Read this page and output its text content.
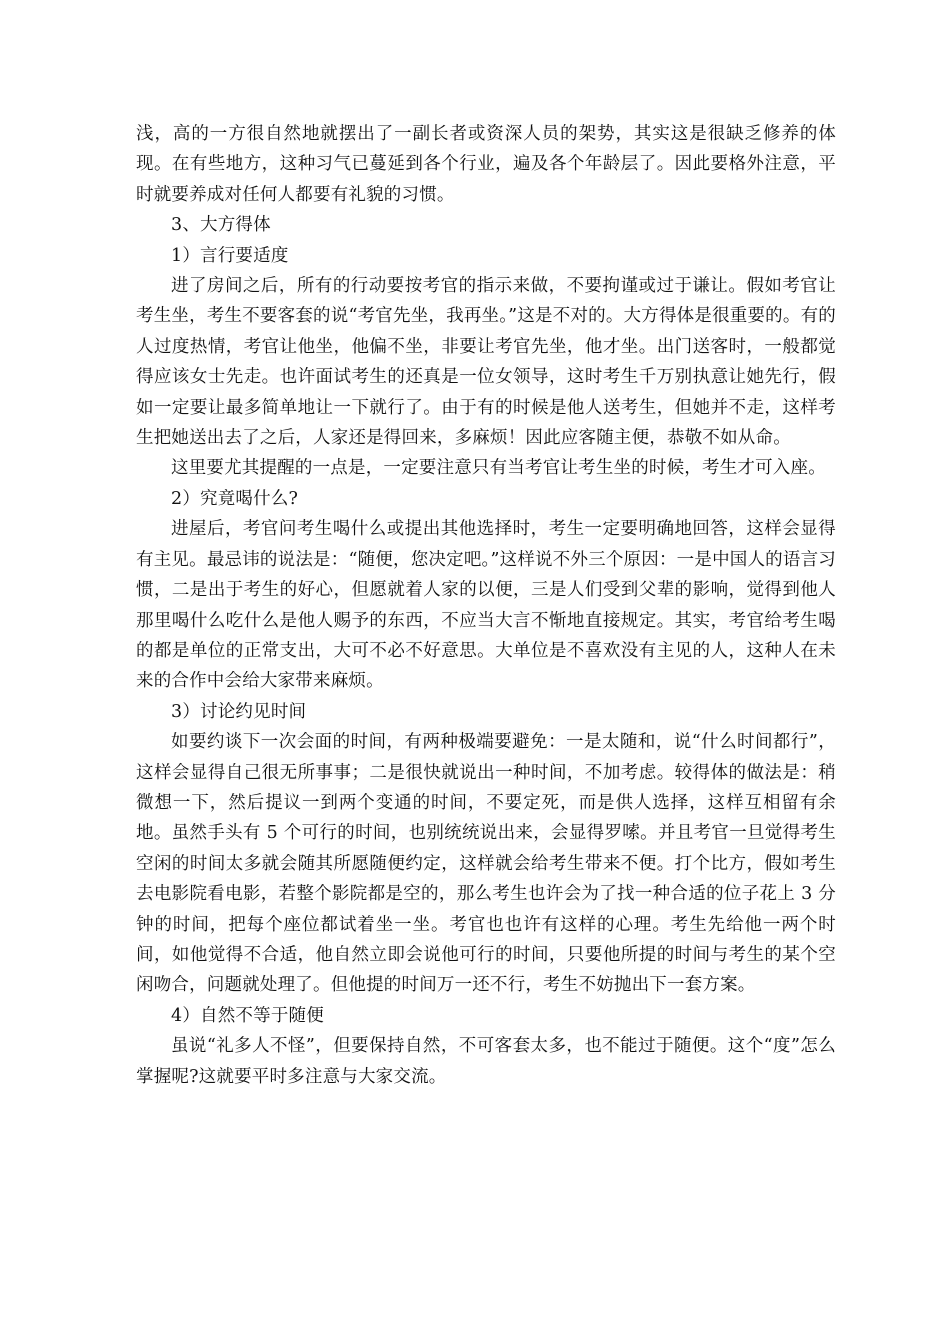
浅，高的一方很自然地就摆出了一副长者或资深人员的架势，其实这是很缺乏修养的体现。在有些地方，这种习气已蔓延到各个行业，遍及各个年龄层了。因此要格外注意，平时就要养成对任何人都要有礼貌的习惯。

3、大方得体

1）言行要适度

进了房间之后，所有的行动要按考官的指示来做，不要拘谨或过于谦让。假如考官让考生坐，考生不要客套的说“考官先坐，我再坐。”这是不对的。大方得体是很重要的。有的人过度热情，考官让他坐，他偏不坐，非要让考官先坐，他才坐。出门送客时，一般都觉得应该女士先走。也许面试考生的还真是一位女领导，这时考生千万别执意让她先行，假如一定要让最多简单地让一下就行了。由于有的时候是他人送考生，但她并不走，这样考生把她送出去了之后，人家还是得回来，多麻烦！因此应客随主便，恭敬不如从命。

这里要尤其提醒的一点是，一定要注意只有当考官让考生坐的时候，考生才可入座。

2）究竟喝什么?

进屋后，考官问考生喝什么或提出其他选择时，考生一定要明确地回答，这样会显得有主见。最忌讳的说法是：“随便，您决定吧。”这样说不外三个原因：一是中国人的语言习惯，二是出于考生的好心，但愿就着人家的以便，三是人们受到父辈的影响，觉得到他人那里喝什么吃什么是他人赐予的东西，不应当大言不惭地直接规定。其实，考官给考生喝的都是单位的正常支出，大可不必不好意思。大单位是不喜欢没有主见的人，这种人在未来的合作中会给大家带来麻烦。

3）讨论约见时间

如要约谈下一次会面的时间，有两种极端要避免：一是太随和，说“什么时间都行”，这样会显得自己很无所事事；二是很快就说出一种时间，不加考虑。较得体的做法是：稍微想一下，然后提议一到两个变通的时间，不要定死，而是供人选择，这样互相留有余地。虽然手头有 5 个可行的时间，也别统统说出来，会显得罗嗦。并且考官一旦觉得考生空闲的时间太多就会随其所愿随便约定，这样就会给考生带来不便。打个比方，假如考生去电影院看电影，若整个影院都是空的，那么考生也许会为了找一种合适的位子花上 3 分钟的时间，把每个座位都试着坐一坐。考官也也许有这样的心理。考生先给他一两个时间，如他觉得不合适，他自然立即会说他可行的时间，只要他所提的时间与考生的某个空闲吻合，问题就处理了。但他提的时间万一还不行，考生不妨抛出下一套方案。

4）自然不等于随便

虽说“礼多人不怪”，但要保持自然，不可客套太多，也不能过于随便。这个“度”怎么掌握呢?这就要平时多注意与大家交流。
